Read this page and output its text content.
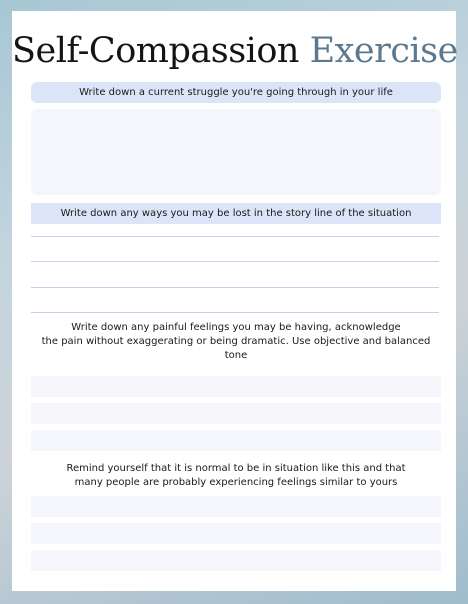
Self-Compassion Exercise
Write down a current struggle you're going through in your life
Write down any ways you may be lost in the story line of the situation
Write down any painful feelings you may be having, acknowledge
the pain without exaggerating or being dramatic. Use objective and balanced
tone
Remind yourself that it is normal to be in situation like this and that
many people are probably experiencing feelings similar to yours
